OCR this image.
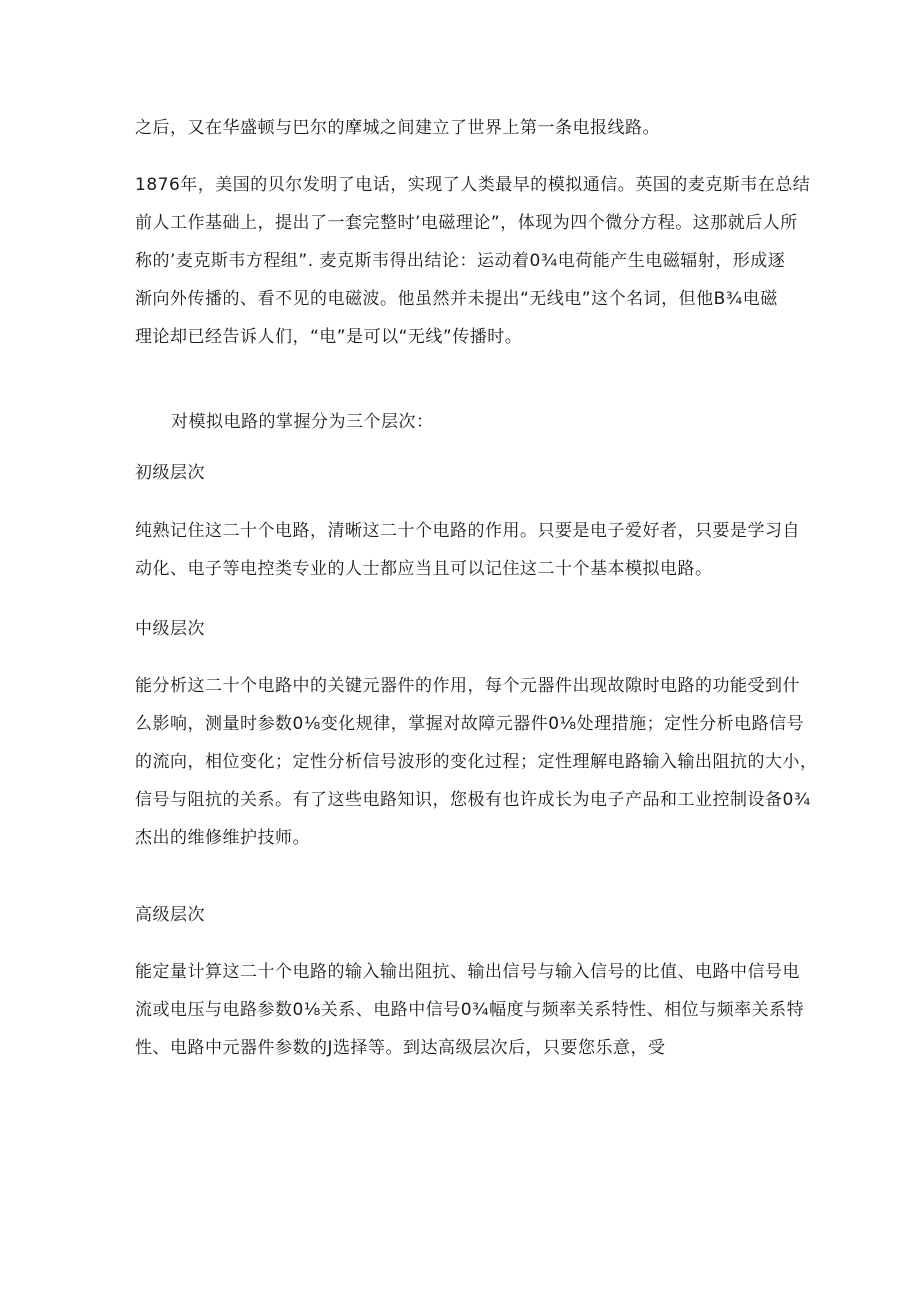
之后，又在华盛顿与巴尔的摩城之间建立了世界上第一条电报线路。

1876年，美国的贝尔发明了电话，实现了人类最早的模拟通信。英国的麦克斯韦在总结
前人工作基础上，提出了一套完整时’电磁理论”，体现为四个微分方程。这那就后人所
称的’麦克斯韦方程组”. 麦克斯韦得出结论：运动着0¾电荷能产生电磁辐射，形成逐
渐向外传播的、看不见的电磁波。他虽然并未提出“无线电”这个名词，但他B¾电磁
理论却已经告诉人们，“电”是可以“无线”传播时。

对模拟电路的掌握分为三个层次：

初级层次

纯熟记住这二十个电路，清晰这二十个电路的作用。只要是电子爱好者，只要是学习自
动化、电子等电控类专业的人士都应当且可以记住这二十个基本模拟电路。

中级层次

能分析这二十个电路中的关键元器件的作用，每个元器件出现故隙时电路的功能受到什
么影响，测量时参数0⅛变化规律，掌握对故障元器件0⅛处理措施；定性分析电路信号
的流向，相位变化；定性分析信号波形的变化过程；定性理解电路输入输出阻抗的大小，
信号与阻抗的关系。有了这些电路知识，您极有也许成长为电子产品和工业控制设备0¾
杰出的维修维护技师。

高级层次

能定量计算这二十个电路的输入输出阻抗、输出信号与输入信号的比值、电路中信号电
流或电压与电路参数0⅛关系、电路中信号0¾幅度与频率关系特性、相位与频率关系特
性、电路中元器件参数的J选择等。到达高级层次后，只要您乐意，受
